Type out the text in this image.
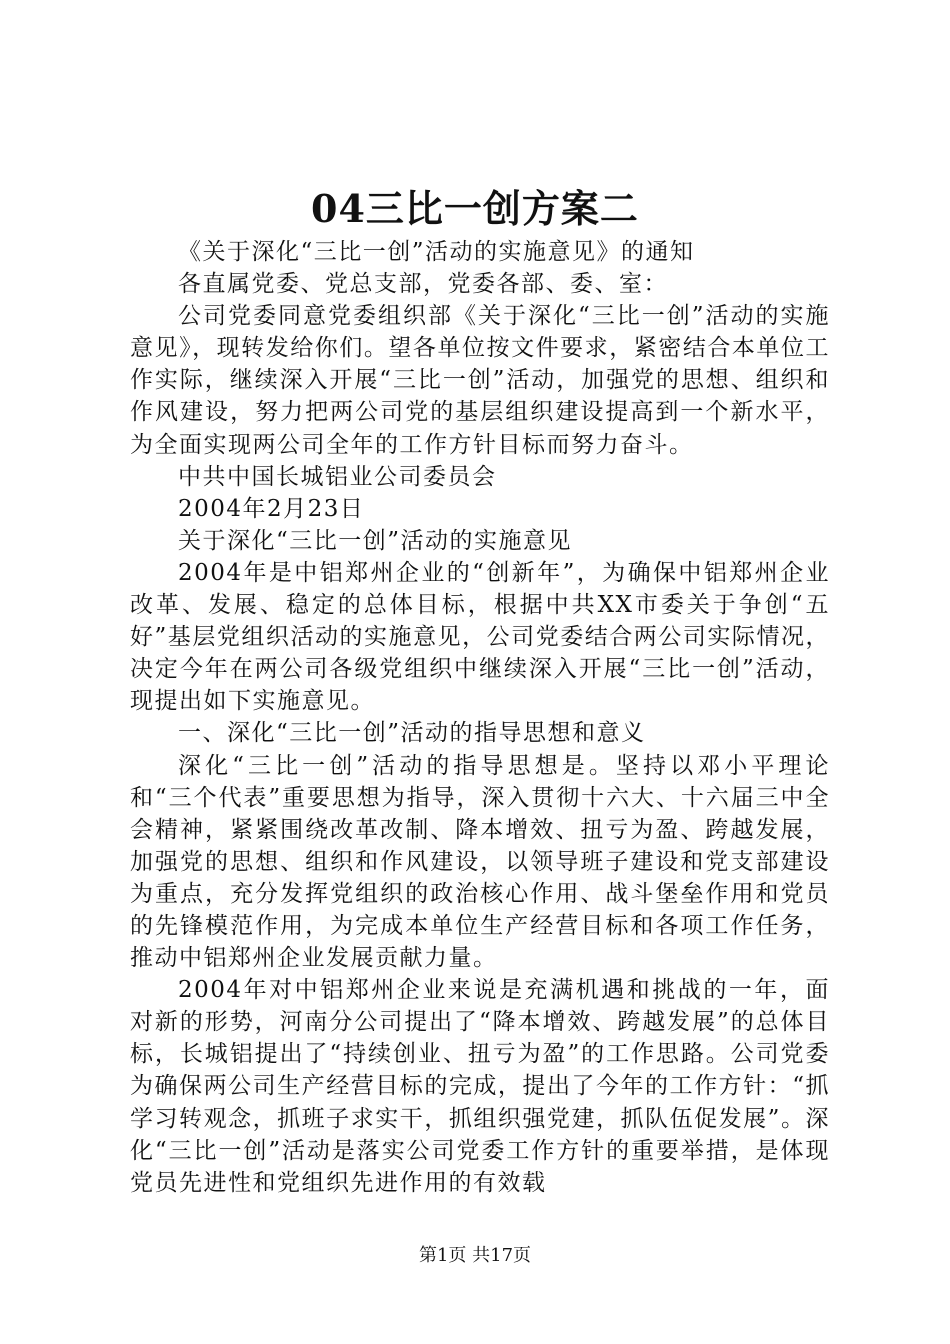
04三比一创方案二

《关于深化“三比一创”活动的实施意见》的通知

各直属党委、党总支部，党委各部、委、室：

公司党委同意党委组织部《关于深化“三比一创”活动的实施意见》，现转发给你们。望各单位按文件要求，紧密结合本单位工作实际，继续深入开展“三比一创”活动，加强党的思想、组织和作风建设，努力把两公司党的基层组织建设提高到一个新水平，为全面实现两公司全年的工作方针目标而努力奋斗。

中共中国长城铝业公司委员会

2004年2月23日

关于深化“三比一创”活动的实施意见

2004年是中铝郑州企业的“创新年”，为确保中铝郑州企业改革、发展、稳定的总体目标，根据中共XX市委关于争创“五好”基层党组织活动的实施意见，公司党委结合两公司实际情况，决定今年在两公司各级党组织中继续深入开展“三比一创”活动，现提出如下实施意见。

一、深化“三比一创”活动的指导思想和意义

深化“三比一创”活动的指导思想是。坚持以邓小平理论和“三个代表”重要思想为指导，深入贯彻十六大、十六届三中全会精神，紧紧围绕改革改制、降本增效、扭亏为盈、跨越发展，加强党的思想、组织和作风建设，以领导班子建设和党支部建设为重点，充分发挥党组织的政治核心作用、战斗堡垒作用和党员的先锋模范作用，为完成本单位生产经营目标和各项工作任务，推动中铝郑州企业发展贡献力量。

2004年对中铝郑州企业来说是充满机遇和挑战的一年，面对新的形势，河南分公司提出了“降本增效、跨越发展”的总体目标，长城铝提出了“持续创业、扭亏为盈”的工作思路。公司党委为确保两公司生产经营目标的完成，提出了今年的工作方针：“抓学习转观念，抓班子求实干，抓组织强党建，抓队伍促发展”。深化“三比一创”活动是落实公司党委工作方针的重要举措，是体现党员先进性和党组织先进作用的有效载

第1页 共17页
